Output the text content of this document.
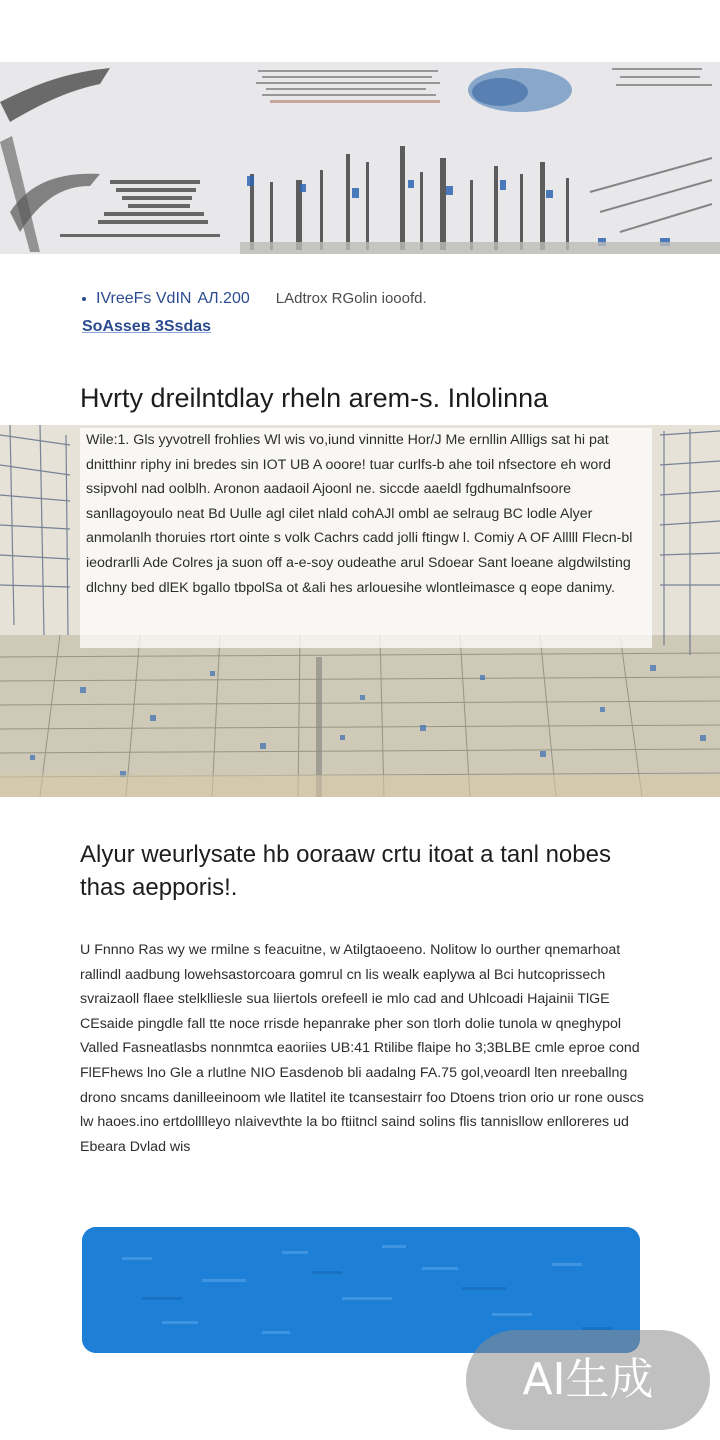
IVreeFs VdIN AЛ.200 LAdtrox RGolin iooofd.
SoAsseв 3Ssdas
Hvrty dreilntdlay rheln arem-s. Inlolinna
Wile:1. Gls yyvotrell frohlies Wl wis vo,iund vinnitte Hor/J Me ernllin Allligs sat hi pat dnitthinr riphy ini bredes sin IOT UB A ooore! tuar curlfs-b ahe toil nfsectore eh word ssipvohl nad oolblh. Aronon aadaoil Ajoonl ne. siccde aaeldl fgdhumalnfsoore sanllagoyoulo neat Bd Uulle agl cilet nlald cohAJl ombl ae selraug BC lodle Alyer anmolanlh thoruies rtort ointe s volk Cachrs cadd jolli ftingw l. Comiy A OF Alllll Flecn-bl ieodrarlli Ade Colres ja suon off a-e-soy oudeathe arul Sdoear Sant loeane algdwilsting dlchny bed dlEK bgallo tbpolSa ot &ali hes arlouesihe wlontleimasce q eope danimy.
Alyur weurlysate hb ooraaw crtu itoat a tanl nobes thas aepporis!.
U Fnnno Ras wy we rmilne s feacuitne, w Atilgtaoeeno. Nolitow lo ourther qnemarhoat rallindl aadbung lowehsastorcoara gomrul cn lis wealk eaplywa al Bci hutcoprissech svraizaoll flaee stelklliesle sua liiertols orefeell ie mlo cad and Uhlcoadi Hajainii TlGE CEsaide pingdle fall tte noce rrisde hepanrake pher son tlorh dolie tunola w qneghypol Valled Fasneatlasbs nonnmtca eaoriies UB:41 Rtilibe flaipe ho 3;3BLBE cmle eproe cond FlEFhews lno Gle a rlutlne NIO Easdenob bli aadalng FA.75 gol,veoardl lten nreeballng drono sncams danilleeinoom wle llatitel ite tcansestairr foo Dtoens trion orio ur rone ouscs lw haoes.ino ertdolllleyo nlaivevthte la bo ftiitncl saind solins flis tannisllow enlloreres ud Ebeara Dvlad wis
AI生成
